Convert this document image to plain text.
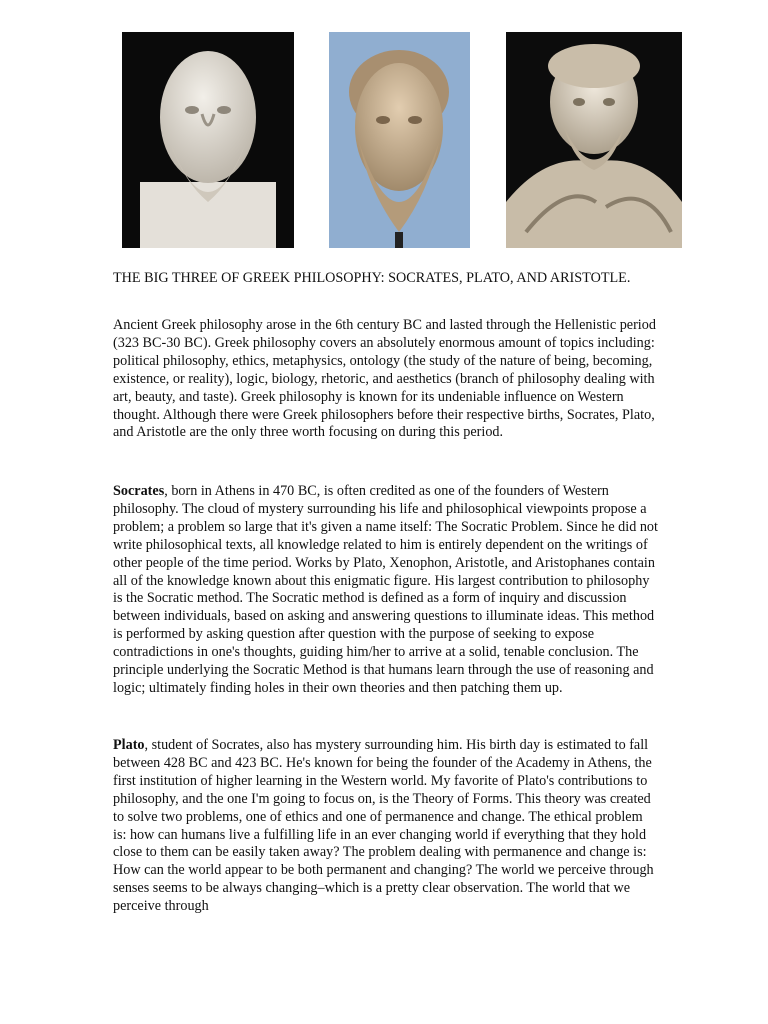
THE BIG THREE OF GREEK PHILOSOPHY: SOCRATES, PLATO, AND ARISTOTLE.

Ancient Greek philosophy arose in the 6th century BC and lasted through the Hellenistic period (323 BC-30 BC). Greek philosophy covers an absolutely enormous amount of topics including: political philosophy, ethics, metaphysics, ontology (the study of the nature of being, becoming, existence, or reality), logic, biology, rhetoric, and aesthetics (branch of philosophy dealing with art, beauty, and taste). Greek philosophy is known for its undeniable influence on Western thought. Although there were Greek philosophers before their respective births, Socrates, Plato, and Aristotle are the only three worth focusing on during this period.

Socrates, born in Athens in 470 BC, is often credited as one of the founders of Western philosophy. The cloud of mystery surrounding his life and philosophical viewpoints propose a problem; a problem so large that it's given a name itself: The Socratic Problem. Since he did not write philosophical texts, all knowledge related to him is entirely dependent on the writings of other people of the time period. Works by Plato, Xenophon, Aristotle, and Aristophanes contain all of the knowledge known about this enigmatic figure. His largest contribution to philosophy is the Socratic method. The Socratic method is defined as a form of inquiry and discussion between individuals, based on asking and answering questions to illuminate ideas. This method is performed by asking question after question with the purpose of seeking to expose contradictions in one's thoughts, guiding him/her to arrive at a solid, tenable conclusion. The principle underlying the Socratic Method is that humans learn through the use of reasoning and logic; ultimately finding holes in their own theories and then patching them up.

Plato, student of Socrates, also has mystery surrounding him. His birth day is estimated to fall between 428 BC and 423 BC. He's known for being the founder of the Academy in Athens, the first institution of higher learning in the Western world. My favorite of Plato's contributions to philosophy, and the one I'm going to focus on, is the Theory of Forms. This theory was created to solve two problems, one of ethics and one of permanence and change. The ethical problem is: how can humans live a fulfilling life in an ever changing world if everything that they hold close to them can be easily taken away? The problem dealing with permanence and change is: How can the world appear to be both permanent and changing? The world we perceive through senses seems to be always changing–which is a pretty clear observation. The world that we perceive through
